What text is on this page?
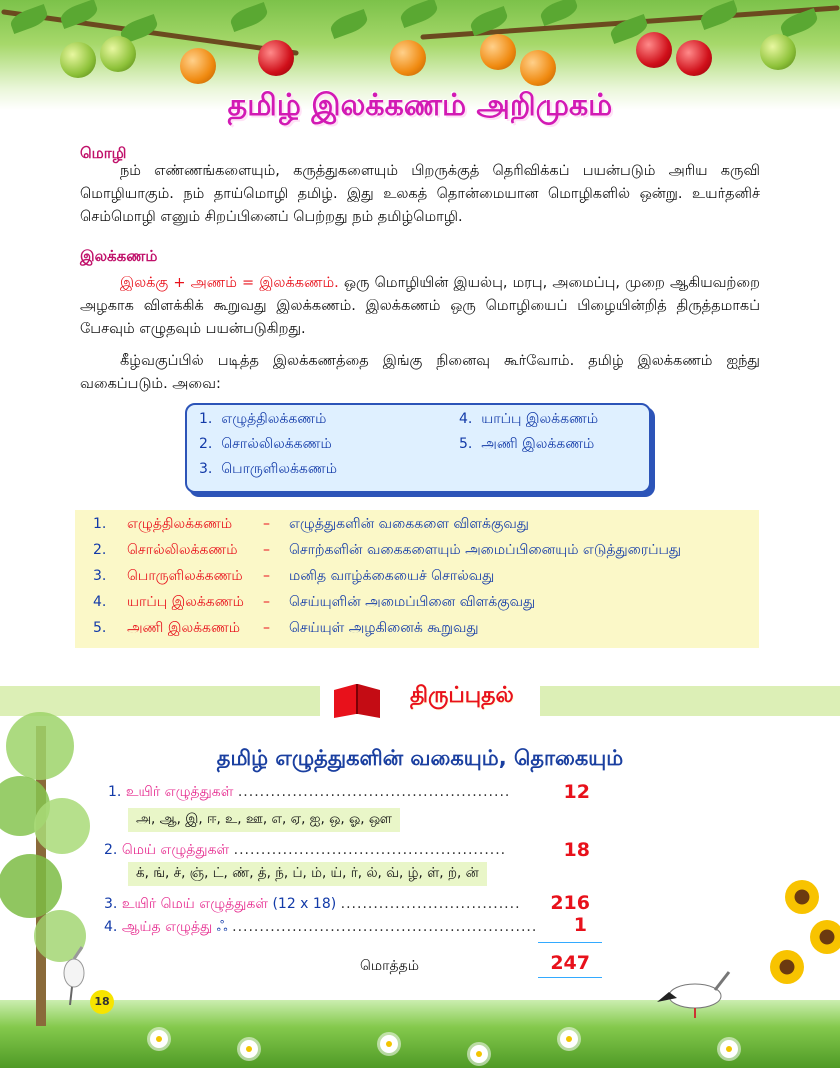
தமிழ் இலக்கணம் அறிமுகம்
மொழி
நம் எண்ணங்களையும், கருத்துகளையும் பிறருக்குத் தெரிவிக்கப் பயன்படும் அரிய கருவி மொழியாகும். நம் தாய்மொழி தமிழ். இது உலகத் தொன்மையான மொழிகளில் ஒன்று. உயர்தனிச் செம்மொழி எனும் சிறப்பினைப் பெற்றது நம் தமிழ்மொழி.
இலக்கணம்
இலக்கு + அணம் = இலக்கணம். ஒரு மொழியின் இயல்பு, மரபு, அமைப்பு, முறை ஆகியவற்றை அழகாக விளக்கிக் கூறுவது இலக்கணம். இலக்கணம் ஒரு மொழியைப் பிழையின்றித் திருத்தமாகப் பேசவும் எழுதவும் பயன்படுகிறது.
கீழ்வகுப்பில் படித்த இலக்கணத்தை இங்கு நினைவு கூர்வோம். தமிழ் இலக்கணம் ஐந்து வகைப்படும். அவை:
1. எழுத்திலக்கணம்
2. சொல்லிலக்கணம்
3. பொருளிலக்கணம்
4. யாப்பு இலக்கணம்
5. அணி இலக்கணம்
1. எழுத்திலக்கணம் – எழுத்துகளின் வகைகளை விளக்குவது
2. சொல்லிலக்கணம் – சொற்களின் வகைகளையும் அமைப்பினையும் எடுத்துரைப்பது
3. பொருளிலக்கணம் – மனித வாழ்க்கையைச் சொல்வது
4. யாப்பு இலக்கணம் – செய்யுளின் அமைப்பினை விளக்குவது
5. அணி இலக்கணம் – செய்யுள் அழகினைக் கூறுவது
திருப்புதல்
தமிழ் எழுத்துகளின் வகையும், தொகையும்
18
1. உயிர் எழுத்துகள் ..................................................	12
அ, ஆ, இ, ஈ, உ, ஊ, எ, ஏ, ஐ, ஒ, ஓ, ஔ
2. மெய் எழுத்துகள் ..................................................	18
க், ங், ச், ஞ், ட், ண், த், ந், ப், ம், ய், ர், ல், வ், ழ், ள், ற், ன்
3. உயிர் மெய் எழுத்துகள் (12 x 18) .................................	216
4. ஆய்த எழுத்து ஃ ........................................................	1
மொத்தம்	247
